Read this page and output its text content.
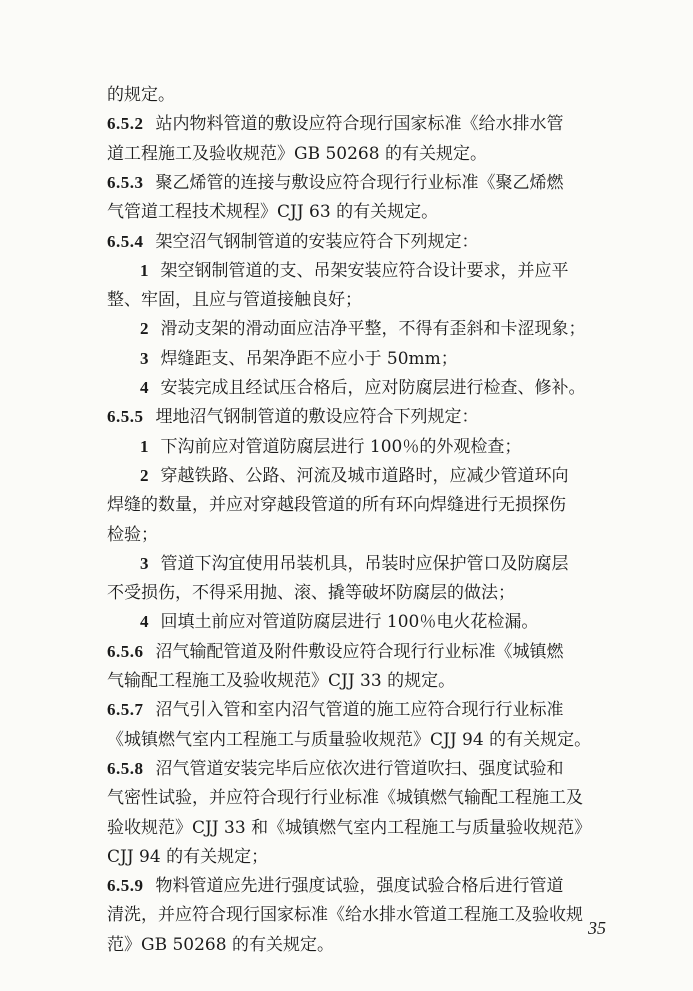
的规定。
6.5.2 站内物料管道的敷设应符合现行国家标准《给水排水管
道工程施工及验收规范》GB 50268 的有关规定。
6.5.3 聚乙烯管的连接与敷设应符合现行行业标准《聚乙烯燃
气管道工程技术规程》CJJ 63 的有关规定。
6.5.4 架空沼气钢制管道的安装应符合下列规定：
1 架空钢制管道的支、吊架安装应符合设计要求，并应平
整、牢固，且应与管道接触良好；
2 滑动支架的滑动面应洁净平整，不得有歪斜和卡涩现象；
3 焊缝距支、吊架净距不应小于 50mm；
4 安装完成且经试压合格后，应对防腐层进行检查、修补。
6.5.5 埋地沼气钢制管道的敷设应符合下列规定：
1 下沟前应对管道防腐层进行 100％的外观检查；
2 穿越铁路、公路、河流及城市道路时，应减少管道环向
焊缝的数量，并应对穿越段管道的所有环向焊缝进行无损探伤
检验；
3 管道下沟宜使用吊装机具，吊装时应保护管口及防腐层
不受损伤，不得采用抛、滚、撬等破坏防腐层的做法；
4 回填土前应对管道防腐层进行 100％电火花检漏。
6.5.6 沼气输配管道及附件敷设应符合现行行业标准《城镇燃
气输配工程施工及验收规范》CJJ 33 的规定。
6.5.7 沼气引入管和室内沼气管道的施工应符合现行行业标准
《城镇燃气室内工程施工与质量验收规范》CJJ 94 的有关规定。
6.5.8 沼气管道安装完毕后应依次进行管道吹扫、强度试验和
气密性试验，并应符合现行行业标准《城镇燃气输配工程施工及
验收规范》CJJ 33 和《城镇燃气室内工程施工与质量验收规范》
CJJ 94 的有关规定；
6.5.9 物料管道应先进行强度试验，强度试验合格后进行管道
清洗，并应符合现行国家标准《给水排水管道工程施工及验收规
范》GB 50268 的有关规定。
35
